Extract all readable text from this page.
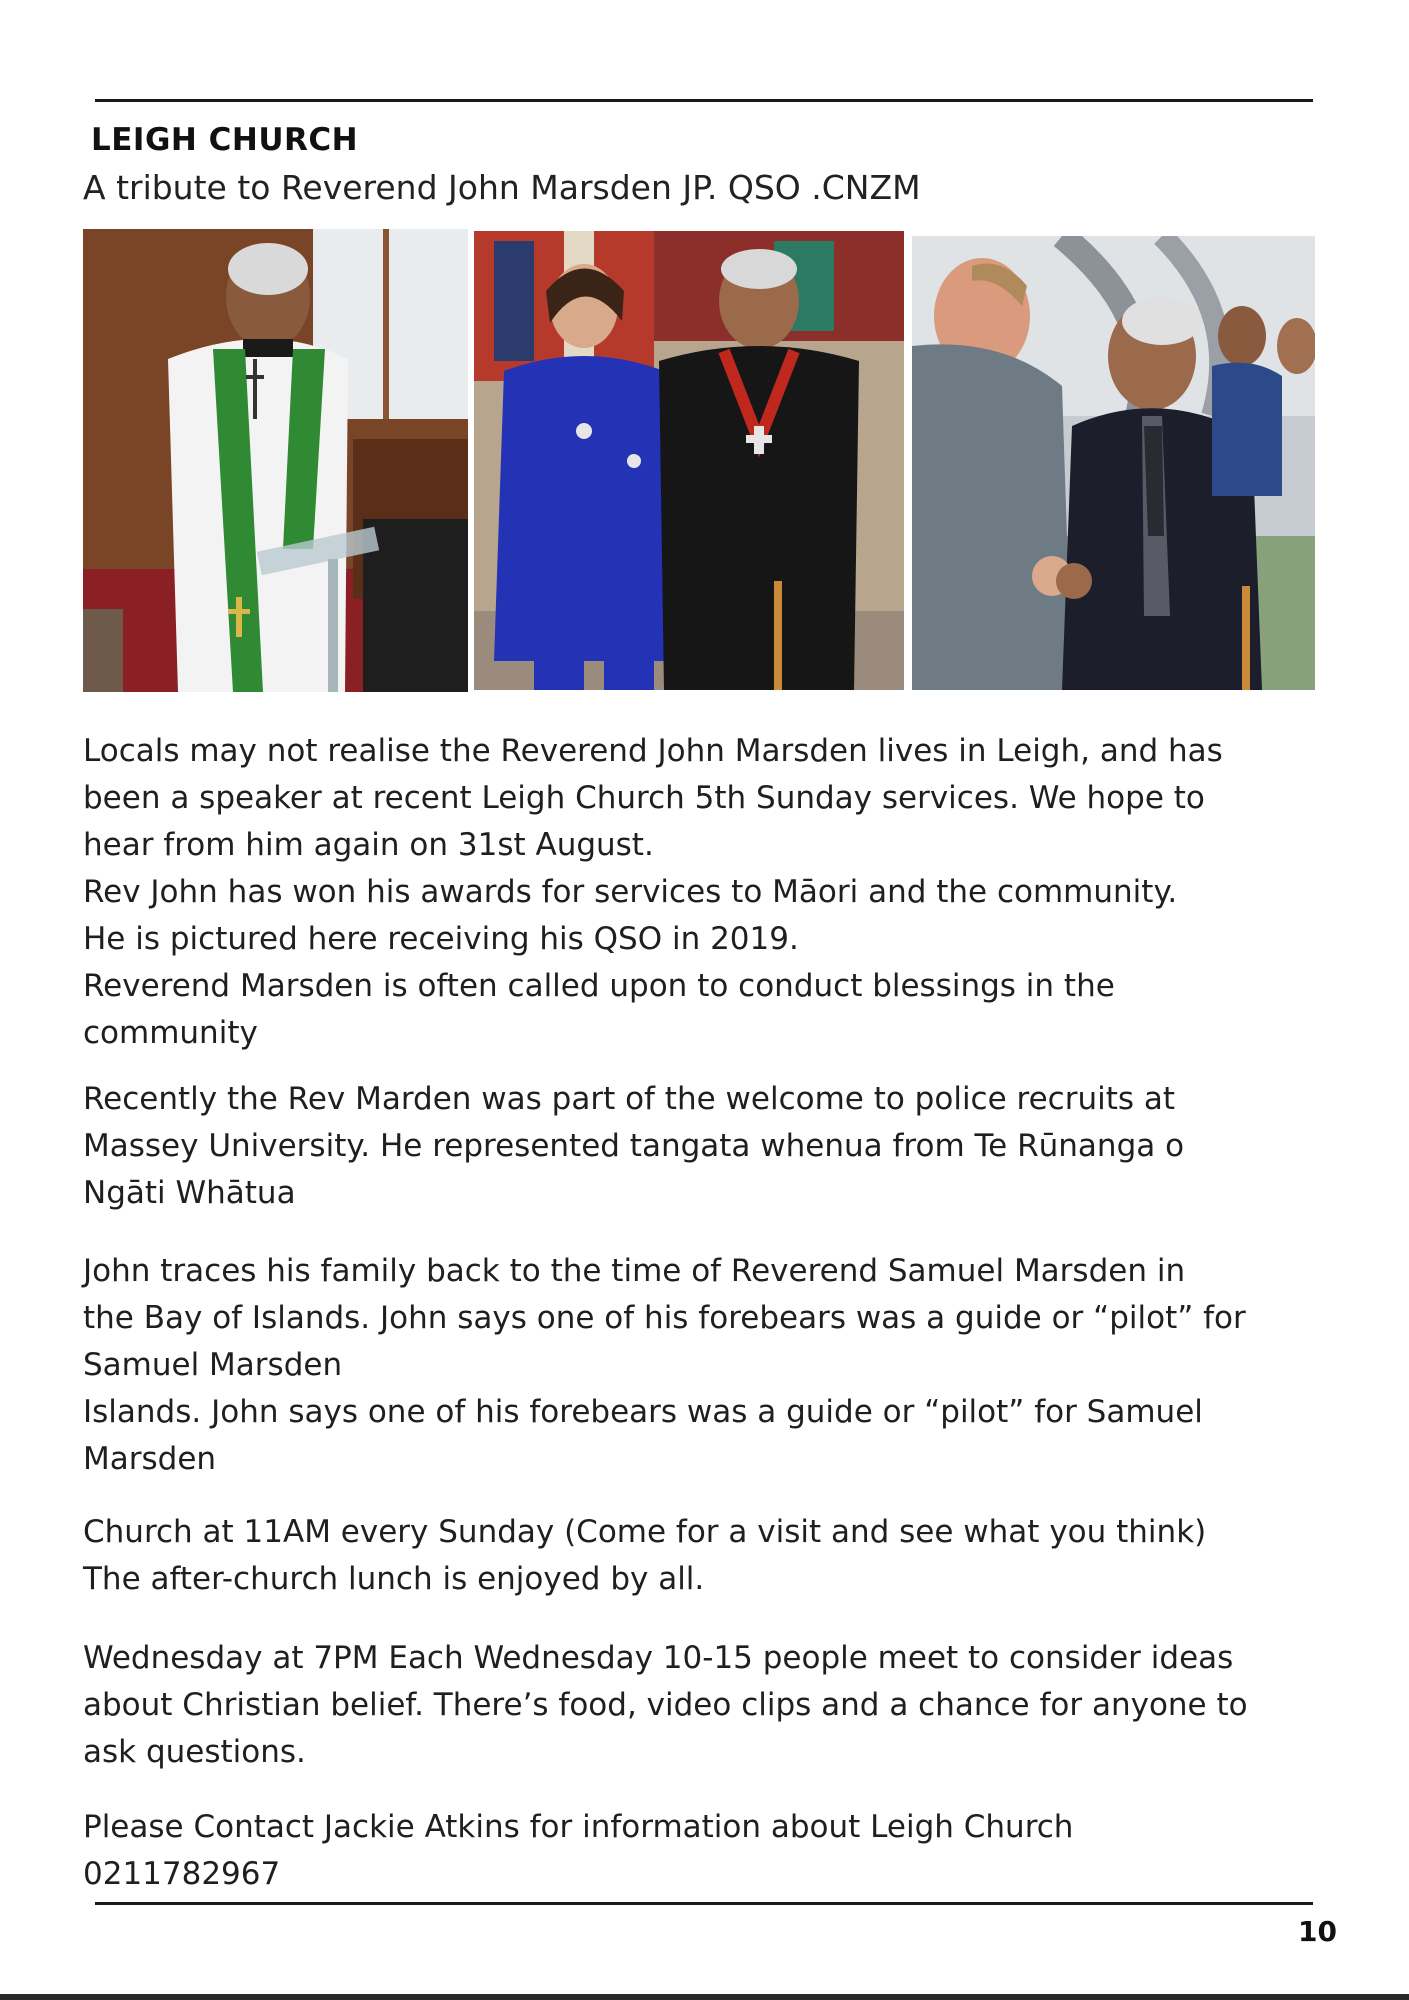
LEIGH CHURCH

A tribute to Reverend John Marsden JP. QSO .CNZM

Locals may not realise the Reverend John Marsden lives in Leigh, and has

been a speaker at recent Leigh Church 5th Sunday services. We hope to

hear from him again on 31st August.

Rev John has won his awards for services to Māori and the community.

He is pictured here receiving his QSO in 2019.

Reverend Marsden is often called upon to conduct blessings in the

community

Recently the Rev Marden was part of the welcome to police recruits at

Massey University. He represented tangata whenua from Te Rūnanga o

Ngāti Whātua

John traces his family back to the time of Reverend Samuel Marsden in

the Bay of Islands. John says one of his forebears was a guide or “pilot” for

Samuel Marsden

Islands. John says one of his forebears was a guide or “pilot” for Samuel

Marsden

Church at 11AM every Sunday (Come for a visit and see what you think)

The after-church lunch is enjoyed by all.

Wednesday at 7PM Each Wednesday 10-15 people meet to consider ideas

about Christian belief. There’s food, video clips and a chance for anyone to

ask questions.

Please Contact Jackie Atkins for information about Leigh Church

0211782967

10
